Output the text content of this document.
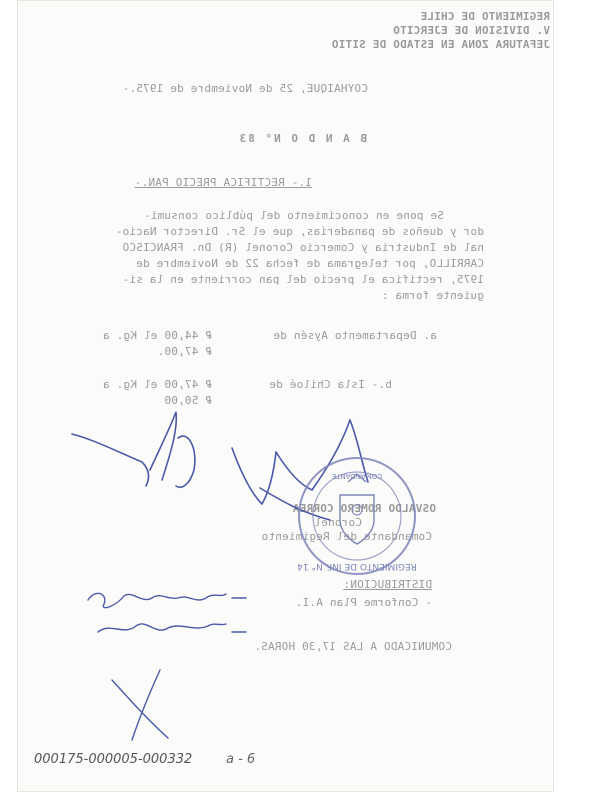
REGIMIENTO DE CHILE
V. DIVISION DE EJERCITO
JEFATURA ZONA EN ESTADO DE SITIO
COYHAIQUE, 25 de Noviembre de 1975.-
B A N D O N° 83
1.- RECTIFICA PRECIO PAN.-
Se pone en conocimiento del público consumi-
dor y dueños de panaderías, que el Sr. Director Nacio-
nal de Industria y Comercio Coronel (R) Dn. FRANCISCO
CARRILLO, por telegrama de fecha 22 de Noviembre de
1975, rectifica el precio del pan corriente en la si-
guiente forma :
a. Departamento Aysén de
₽ 44,00 el Kg. a
₽ 47,00.
b.- Isla Chiloé de
₽ 47,00 el Kg. a
₽ 50,00
OSVALDO ROMERO CORREA
Coronel
Comandante del Regimiento
DISTRIBUCION:
- Conforme Plan A.I.
COMUNICADO A LAS 17,30 HORAS.
REGIMIENTO DE INF. N° 14
COMANDANTE
000175-000005-000332	a - 6
